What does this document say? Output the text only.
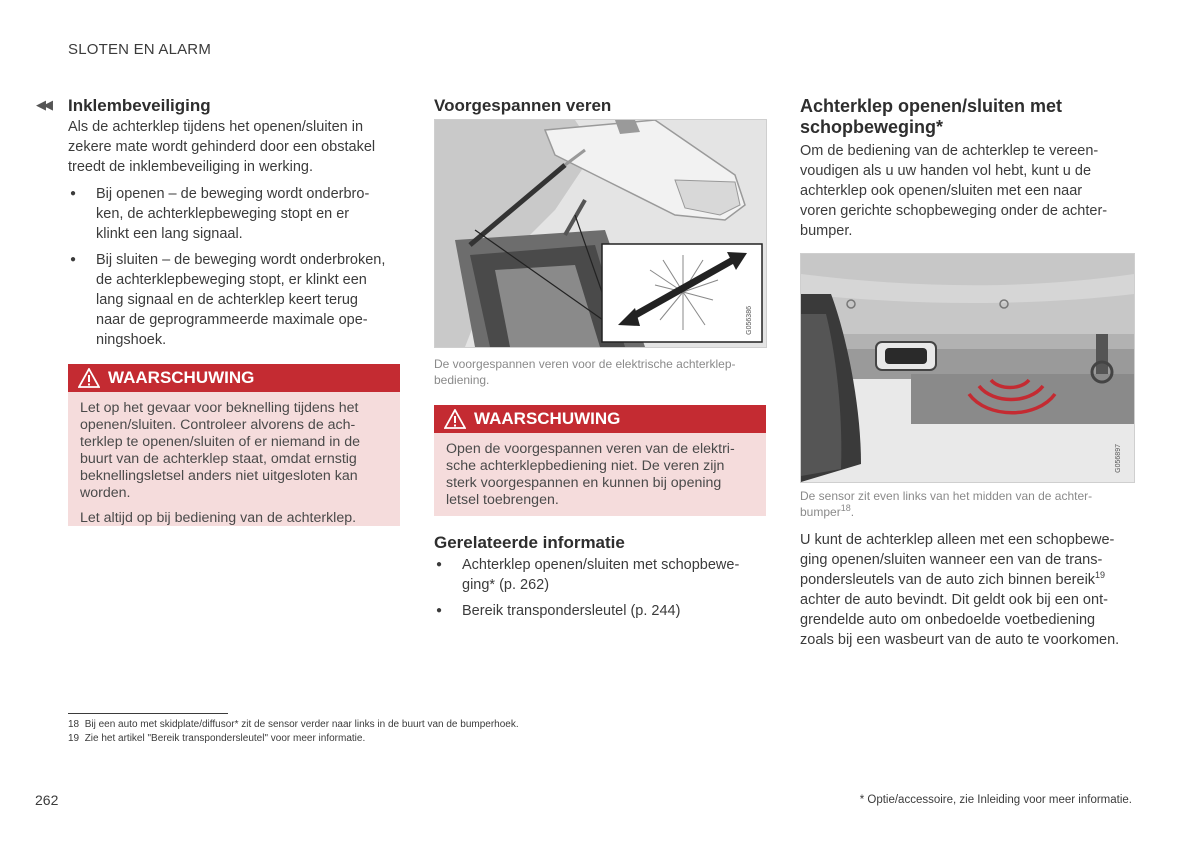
SLOTEN EN ALARM
◀◀ Inklembeveiliging
Als de achterklep tijdens het openen/sluiten in
zekere mate wordt gehinderd door een obstakel
treedt de inklembeveiliging in werking.
● Bij openen – de beweging wordt onderbro-
ken, de achterklepbeweging stopt en er
klinkt een lang signaal.
● Bij sluiten – de beweging wordt onderbroken,
de achterklepbeweging stopt, er klinkt een
lang signaal en de achterklep keert terug
naar de geprogrammeerde maximale ope-
ningshoek.
WAARSCHUWING

Let op het gevaar voor beknelling tijdens het
openen/sluiten. Controleer alvorens de ach-
terklep te openen/sluiten of er niemand in de
buurt van de achterklep staat, omdat ernstig
beknellingsletsel anders niet uitgesloten kan
worden.

Let altijd op bij bediening van de achterklep.

Voorgespannen veren
G056386
De voorgespannen veren voor de elektrische achterklep-
bediening.
WAARSCHUWING

Open de voorgespannen veren van de elektri-
sche achterklepbediening niet. De veren zijn
sterk voorgespannen en kunnen bij opening
letsel toebrengen.

Gerelateerde informatie
● Achterklep openen/sluiten met schopbewe-
ging* (p. 262)
● Bereik transpondersleutel (p. 244)
Achterklep openen/sluiten met
schopbeweging*
Om de bediening van de achterklep te vereen-
voudigen als u uw handen vol hebt, kunt u de
achterklep ook openen/sluiten met een naar
voren gerichte schopbeweging onder de achter-
bumper.
G056897
De sensor zit even links van het midden van de achter-
bumper$^{18}$.
U kunt de achterklep alleen met een schopbewe-
ging openen/sluiten wanneer een van de trans-
pondersleutels van de auto zich binnen bereik$^{19}$
achter de auto bevindt. Dit geldt ook bij een ont-
grendelde auto om onbedoelde voetbediening
zoals bij een wasbeurt van de auto te voorkomen.
18 Bij een auto met skidplate/diffusor* zit de sensor verder naar links in de buurt van de bumperhoek.
19 Zie het artikel "Bereik transpondersleutel" voor meer informatie.
262	* Optie/accessoire, zie Inleiding voor meer informatie.
